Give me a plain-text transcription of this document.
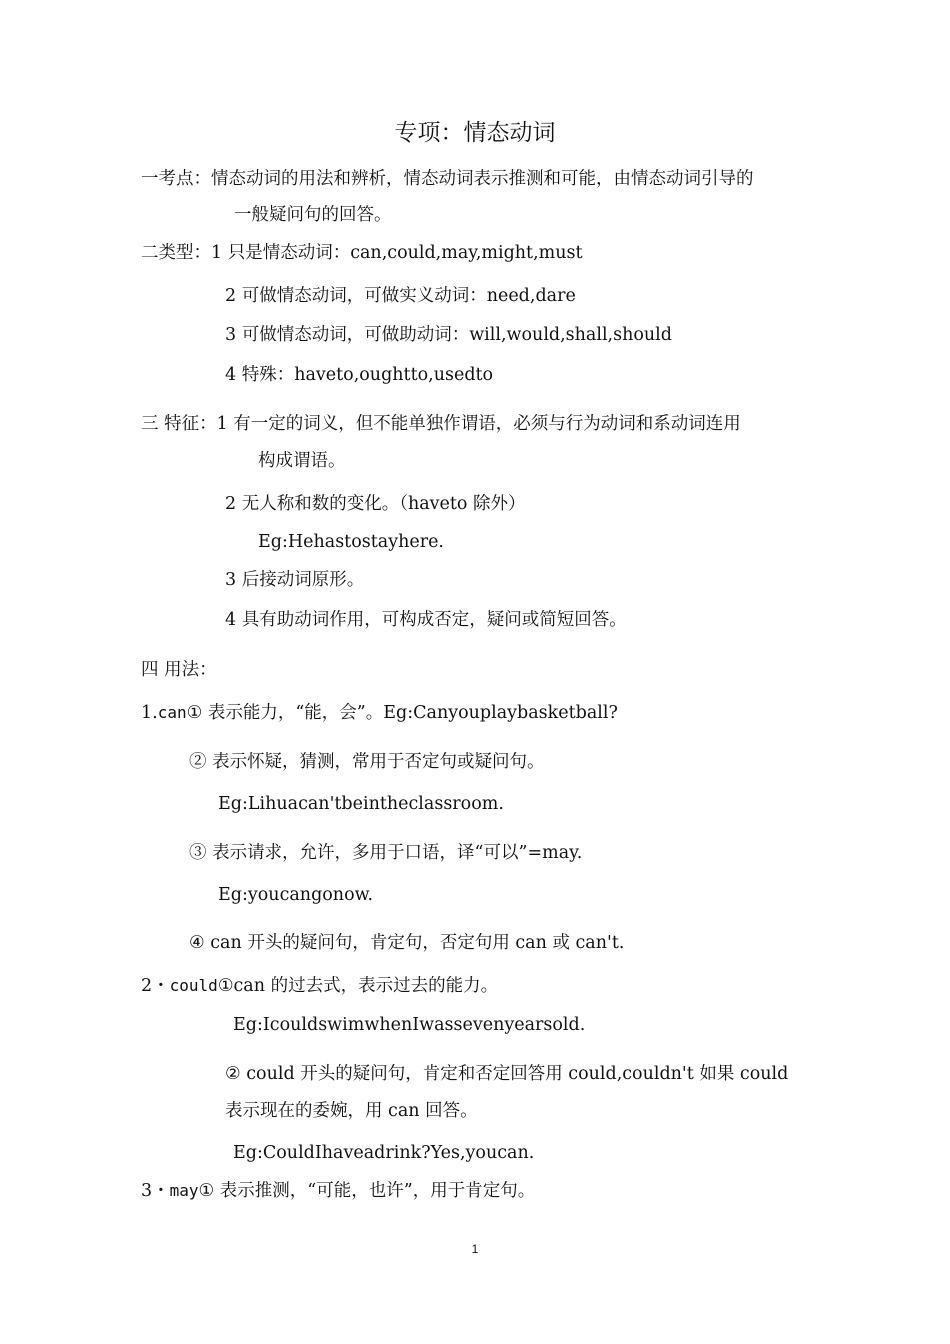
专项：情态动词
一考点：情态动词的用法和辨析，情态动词表示推测和可能，由情态动词引导的
一般疑问句的回答。
二类型：1 只是情态动词：can,could,may,might,must
2 可做情态动词，可做实义动词：need,dare
3 可做情态动词，可做助动词：will,would,shall,should
4 特殊：haveto,oughtto,usedto
三 特征：1 有一定的词义，但不能单独作谓语，必须与行为动词和系动词连用
构成谓语。
2 无人称和数的变化。（haveto 除外）
Eg:Hehastostayhere.
3 后接动词原形。
4 具有助动词作用，可构成否定，疑问或简短回答。
四 用法：
1.can① 表示能力，“能，会”。Eg:Canyouplaybasketball?
② 表示怀疑，猜测，常用于否定句或疑问句。
Eg:Lihuacan'tbeintheclassroom.
③ 表示请求，允许，多用于口语，译“可以”=may.
Eg:youcangonow.
④ can 开头的疑问句，肯定句，否定句用 can 或 can't.
2・could①can 的过去式，表示过去的能力。
Eg:IcouldswimwhenIwassevenyearsold.
② could 开头的疑问句，肯定和否定回答用 could,couldn't 如果 could
表示现在的委婉，用 can 回答。
Eg:CouldIhaveadrink?Yes,youcan.
3・may① 表示推测，“可能，也许”，用于肯定句。
1
